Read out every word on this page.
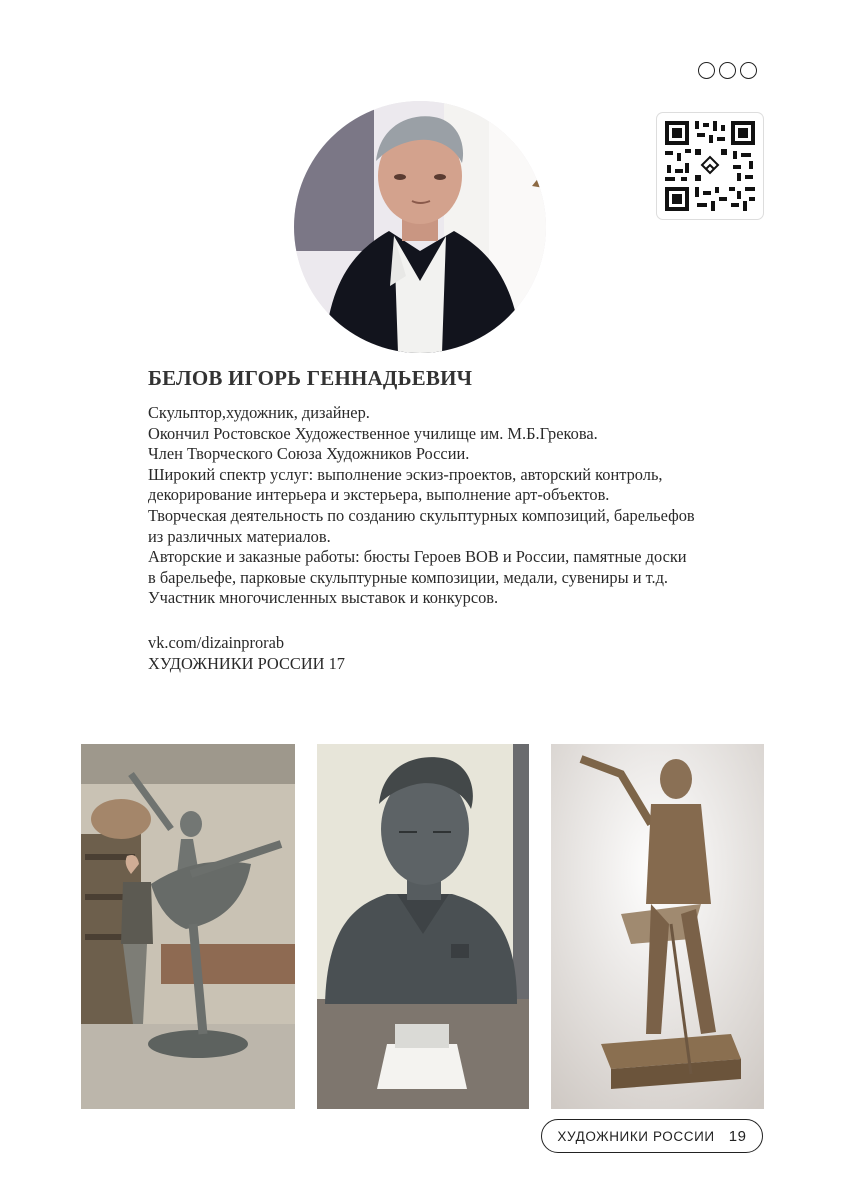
БЕЛОВ ИГОРЬ ГЕННАДЬЕВИЧ
Скульптор,художник, дизайнер.
Окончил Ростовское Художественное училище им. М.Б.Грекова.
Член Творческого Союза Художников России.
Широкий спектр услуг: выполнение эскиз-проектов, авторский контроль,
декорирование интерьера и экстерьера, выполнение арт-объектов.
Творческая деятельность по созданию скульптурных композиций, барельефов
из различных материалов.
Авторские и заказные работы: бюсты Героев ВОВ и России, памятные доски
в барельефе, парковые скульптурные композиции, медали, сувениры и т.д.
Участник многочисленных выставок и конкурсов.
vk.com/dizainprorab
ХУДОЖНИКИ РОССИИ 17
ХУДОЖНИКИ РОССИИ 19
